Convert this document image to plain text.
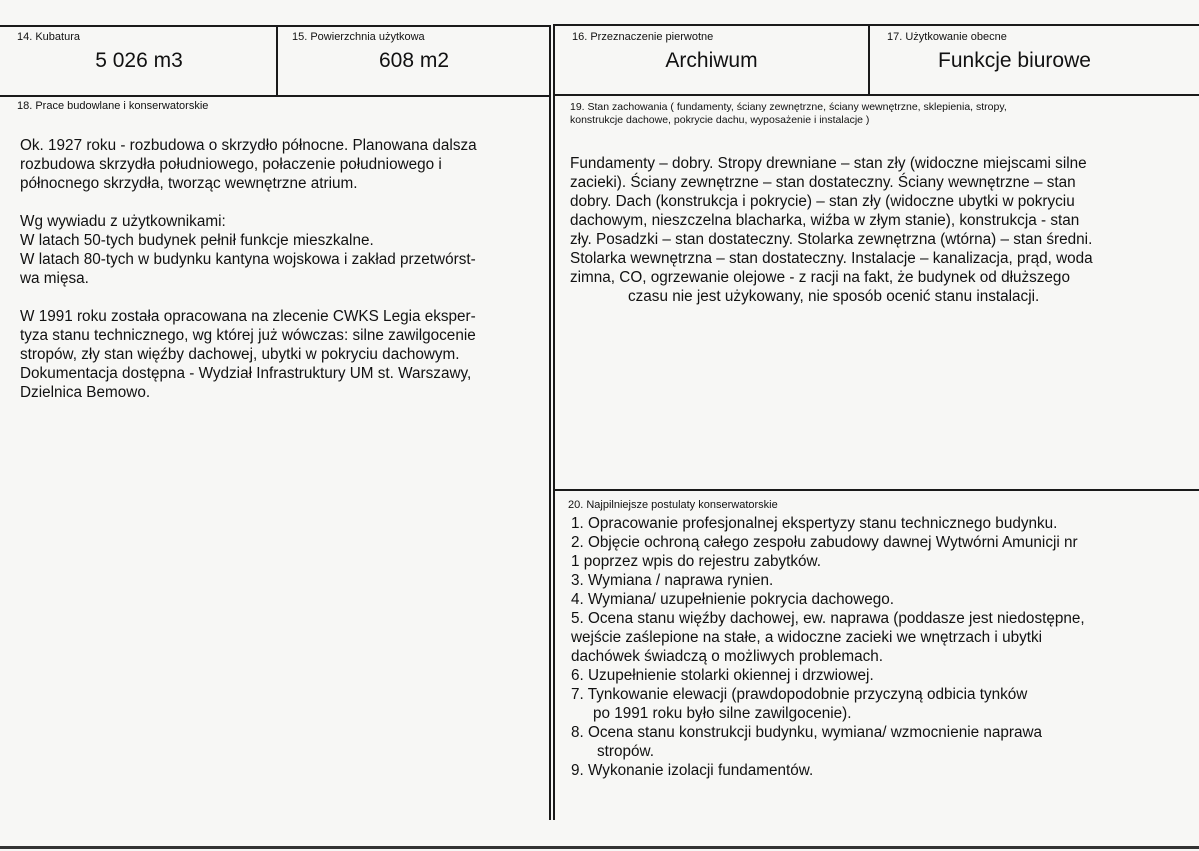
14. Kubatura
5 026 m3
15. Powierzchnia użytkowa
608 m2
16. Przeznaczenie pierwotne
Archiwum
17. Użytkowanie obecne
Funkcje biurowe
18. Prace budowlane i konserwatorskie

Ok. 1927 roku - rozbudowa o skrzydło północne. Planowana dalsza

rozbudowa skrzydła południowego, połaczenie południowego i

północnego skrzydła, tworząc wewnętrzne atrium.

Wg wywiadu z użytkownikami:

W latach 50-tych budynek pełnił funkcje mieszkalne.

W latach 80-tych w budynku kantyna wojskowa i zakład przetwórst-

wa mięsa.

W 1991 roku została opracowana na zlecenie CWKS Legia eksper-

tyza stanu technicznego, wg której już wówczas: silne zawilgocenie

stropów, zły stan więźby dachowej, ubytki w pokryciu dachowym.

Dokumentacja dostępna - Wydział Infrastruktury UM st. Warszawy,

Dzielnica Bemowo.

19. Stan zachowania ( fundamenty, ściany zewnętrzne, ściany wewnętrzne, sklepienia, stropy,
konstrukcje dachowe, pokrycie dachu, wyposażenie i instalacje )

Fundamenty – dobry. Stropy drewniane – stan zły (widoczne miejscami silne

zacieki). Ściany zewnętrzne – stan dostateczny. Ściany wewnętrzne – stan

dobry. Dach (konstrukcja i pokrycie) – stan zły (widoczne ubytki w pokryciu

dachowym, nieszczelna blacharka, wiźba w złym stanie), konstrukcja - stan

zły. Posadzki – stan dostateczny. Stolarka zewnętrzna (wtórna) – stan średni.

Stolarka wewnętrzna – stan dostateczny. Instalacje – kanalizacja, prąd, woda

zimna, CO, ogrzewanie olejowe - z racji na fakt, że budynek od dłuższego

czasu nie jest użykowany, nie sposób ocenić stanu instalacji.

20. Najpilniejsze postulaty konserwatorskie

1. Opracowanie profesjonalnej ekspertyzy stanu technicznego budynku.

2. Objęcie ochroną całego zespołu zabudowy dawnej Wytwórni Amunicji nr

1 poprzez wpis do rejestru zabytków.

3. Wymiana / naprawa rynien.

4. Wymiana/ uzupełnienie pokrycia dachowego.

5. Ocena stanu więźby dachowej, ew. naprawa (poddasze jest niedostępne,

wejście zaślepione na stałe, a widoczne zacieki we wnętrzach i ubytki

dachówek świadczą o możliwych problemach.

6. Uzupełnienie stolarki okiennej i drzwiowej.

7. Tynkowanie elewacji (prawdopodobnie przyczyną odbicia tynków

po 1991 roku było silne zawilgocenie).

8. Ocena stanu konstrukcji budynku, wymiana/ wzmocnienie naprawa

stropów.

9. Wykonanie izolacji fundamentów.
